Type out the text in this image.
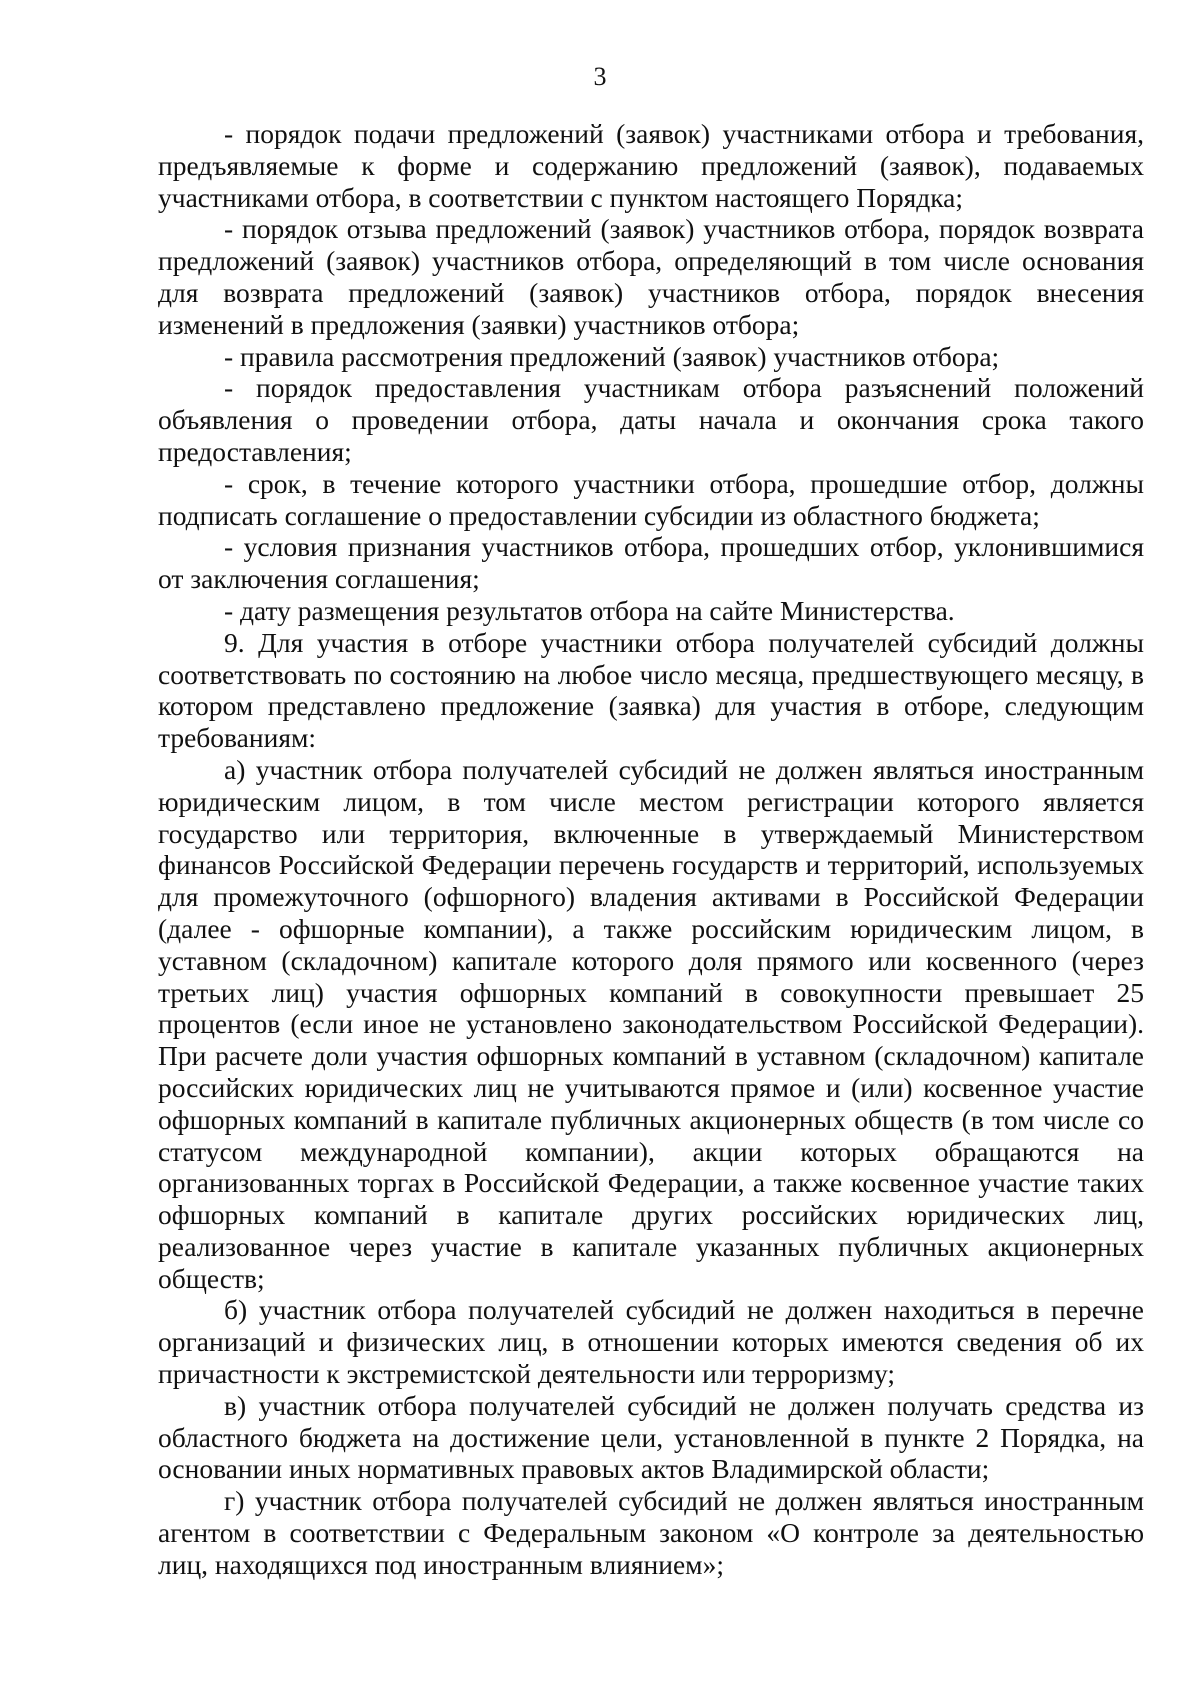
3

- порядок подачи предложений (заявок) участниками отбора и требования, предъявляемые к форме и содержанию предложений (заявок), подаваемых участниками отбора, в соответствии с пунктом настоящего Порядка;

- порядок отзыва предложений (заявок) участников отбора, порядок возврата предложений (заявок) участников отбора, определяющий в том числе основания для возврата предложений (заявок) участников отбора, порядок внесения изменений в предложения (заявки) участников отбора;

- правила рассмотрения предложений (заявок) участников отбора;

- порядок предоставления участникам отбора разъяснений положений объявления о проведении отбора, даты начала и окончания срока такого предоставления;

- срок, в течение которого участники отбора, прошедшие отбор, должны подписать соглашение о предоставлении субсидии из областного бюджета;

- условия признания участников отбора, прошедших отбор, уклонившимися от заключения соглашения;

- дату размещения результатов отбора на сайте Министерства.

9. Для участия в отборе участники отбора получателей субсидий должны соответствовать по состоянию на любое число месяца, предшествующего месяцу, в котором представлено предложение (заявка) для участия в отборе, следующим требованиям:

а) участник отбора получателей субсидий не должен являться иностранным юридическим лицом, в том числе местом регистрации которого является государство или территория, включенные в утверждаемый Министерством финансов Российской Федерации перечень государств и территорий, используемых для промежуточного (офшорного) владения активами в Российской Федерации (далее - офшорные компании), а также российским юридическим лицом, в уставном (складочном) капитале которого доля прямого или косвенного (через третьих лиц) участия офшорных компаний в совокупности превышает 25 процентов (если иное не установлено законодательством Российской Федерации). При расчете доли участия офшорных компаний в уставном (складочном) капитале российских юридических лиц не учитываются прямое и (или) косвенное участие офшорных компаний в капитале публичных акционерных обществ (в том числе со статусом международной компании), акции которых обращаются на организованных торгах в Российской Федерации, а также косвенное участие таких офшорных компаний в капитале других российских юридических лиц, реализованное через участие в капитале указанных публичных акционерных обществ;

б) участник отбора получателей субсидий не должен находиться в перечне организаций и физических лиц, в отношении которых имеются сведения об их причастности к экстремистской деятельности или терроризму;

в) участник отбора получателей субсидий не должен получать средства из областного бюджета на достижение цели, установленной в пункте 2 Порядка, на основании иных нормативных правовых актов Владимирской области;

г) участник отбора получателей субсидий не должен являться иностранным агентом в соответствии с Федеральным законом «О контроле за деятельностью лиц, находящихся под иностранным влиянием»;
